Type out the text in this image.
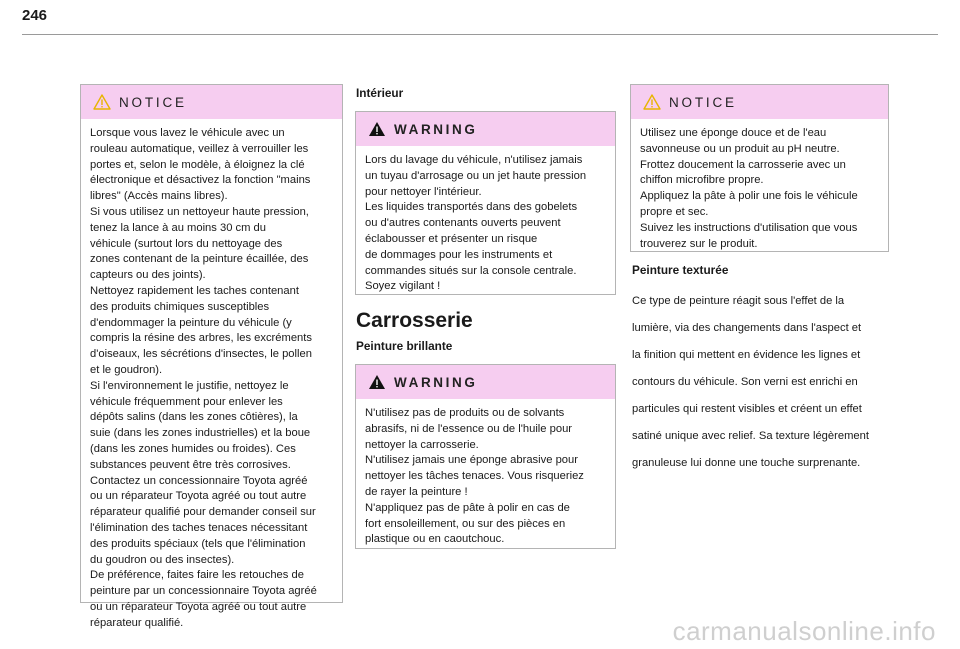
246
NOTICE

Lorsque vous lavez le véhicule avec un

rouleau automatique, veillez à verrouiller les

portes et, selon le modèle, à éloignez la clé

électronique et désactivez la fonction "mains

libres" (Accès mains libres).

Si vous utilisez un nettoyeur haute pression,

tenez la lance à au moins 30 cm du

véhicule (surtout lors du nettoyage des

zones contenant de la peinture écaillée, des

capteurs ou des joints).

Nettoyez rapidement les taches contenant

des produits chimiques susceptibles

d'endommager la peinture du véhicule (y

compris la résine des arbres, les excréments

d'oiseaux, les sécrétions d'insectes, le pollen

et le goudron).

Si l'environnement le justifie, nettoyez le

véhicule fréquemment pour enlever les

dépôts salins (dans les zones côtières), la

suie (dans les zones industrielles) et la boue

(dans les zones humides ou froides). Ces

substances peuvent être très corrosives.

Contactez un concessionnaire Toyota agréé

ou un réparateur Toyota agréé ou tout autre

réparateur qualifié pour demander conseil sur

l'élimination des taches tenaces nécessitant

des produits spéciaux (tels que l'élimination

du goudron ou des insectes).

De préférence, faites faire les retouches de

peinture par un concessionnaire Toyota agréé

ou un réparateur Toyota agréé ou tout autre

réparateur qualifié.

Intérieur
WARNING

Lors du lavage du véhicule, n'utilisez jamais

un tuyau d'arrosage ou un jet haute pression

pour nettoyer l'intérieur.

Les liquides transportés dans des gobelets

ou d'autres contenants ouverts peuvent

éclabousser et présenter un risque

de dommages pour les instruments et

commandes situés sur la console centrale.

Soyez vigilant !

Carrosserie
Peinture brillante
WARNING

N'utilisez pas de produits ou de solvants

abrasifs, ni de l'essence ou de l'huile pour

nettoyer la carrosserie.

N'utilisez jamais une éponge abrasive pour

nettoyer les tâches tenaces. Vous risqueriez

de rayer la peinture !

N'appliquez pas de pâte à polir en cas de

fort ensoleillement, ou sur des pièces en

plastique ou en caoutchouc.

NOTICE

Utilisez une éponge douce et de l'eau

savonneuse ou un produit au pH neutre.

Frottez doucement la carrosserie avec un

chiffon microfibre propre.

Appliquez la pâte à polir une fois le véhicule

propre et sec.

Suivez les instructions d'utilisation que vous

trouverez sur le produit.

Peinture texturée

Ce type de peinture réagit sous l'effet de la

lumière, via des changements dans l'aspect et

la finition qui mettent en évidence les lignes et

contours du véhicule. Son verni est enrichi en

particules qui restent visibles et créent un effet

satiné unique avec relief. Sa texture légèrement

granuleuse lui donne une touche surprenante.

carmanualsonline.info
